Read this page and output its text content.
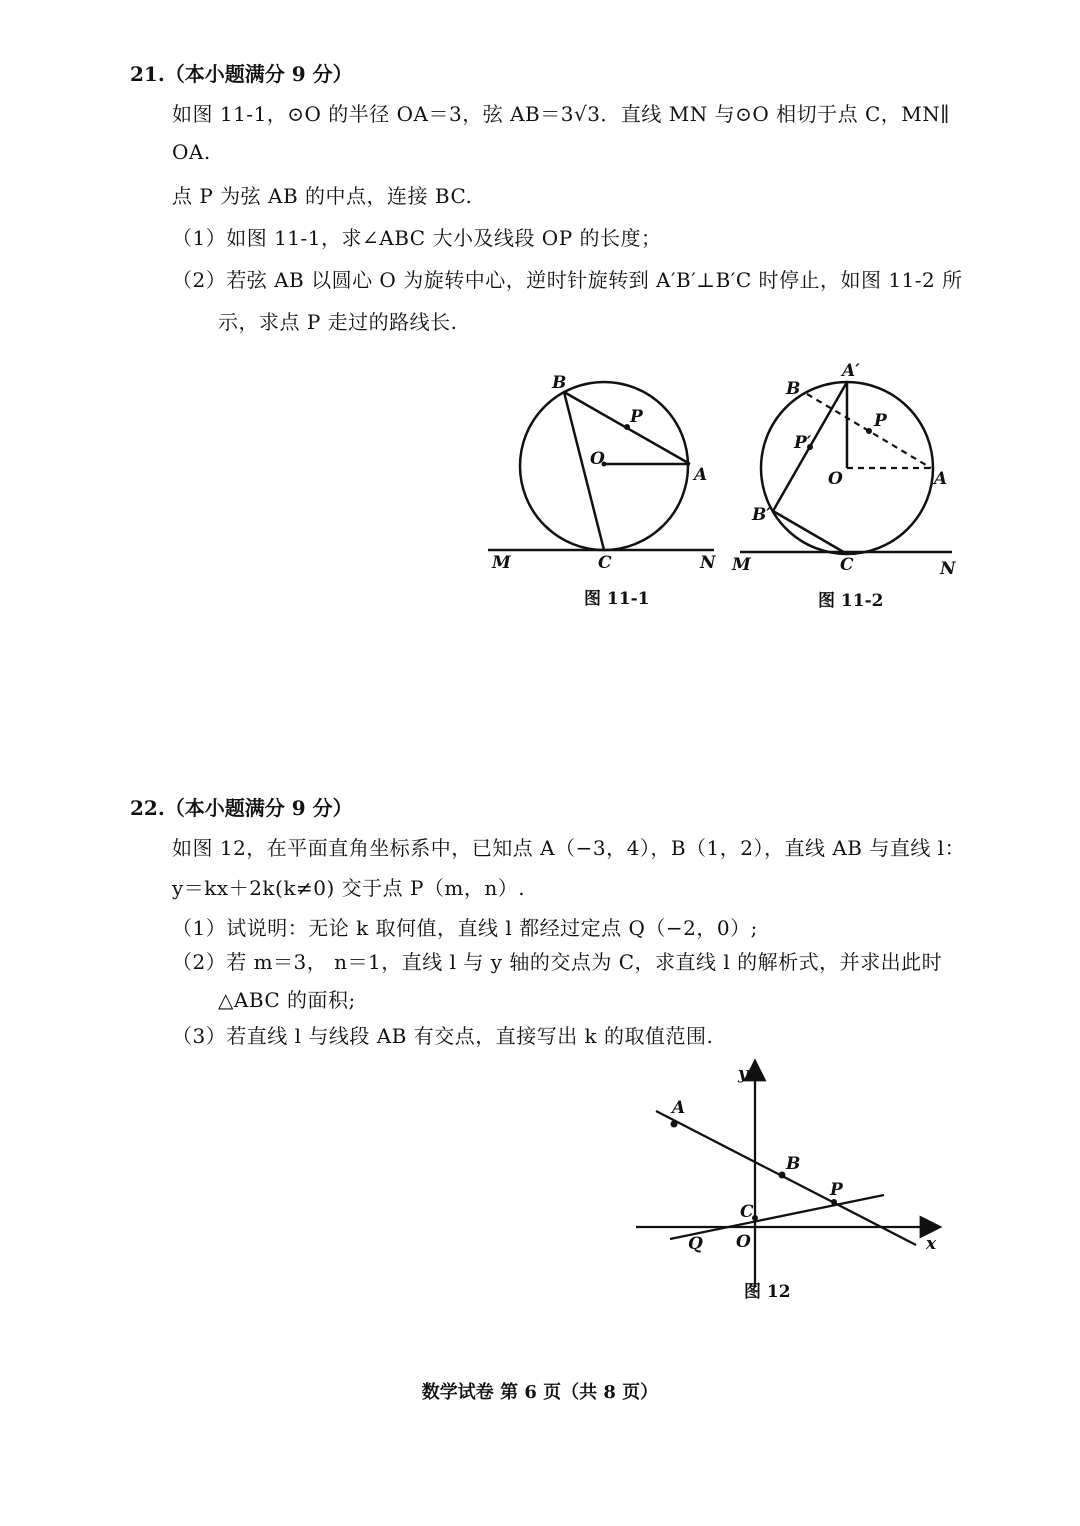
21.（本小题满分 9 分）
如图 11-1，⊙O 的半径 OA＝3，弦 AB＝3√3．直线 MN 与⊙O 相切于点 C，MN∥
OA.
点 P 为弦 AB 的中点，连接 BC.
（1）如图 11-1，求∠ABC 大小及线段 OP 的长度；
（2）若弦 AB 以圆心 O 为旋转中心，逆时针旋转到 A′B′⊥B′C 时停止，如图 11-2 所
示，求点 P 走过的路线长.
B
P
O
A
M	C	N
图 11-1
A′
B
P
P′
O	A
B′
M	C	N
图 11-2
22.（本小题满分 9 分）
如图 12，在平面直角坐标系中，已知点 A（−3，4），B（1，2），直线 AB 与直线 l：
y＝kx＋2k(k≠0) 交于点 P（m，n）.
（1）试说明：无论 k 取何值，直线 l 都经过定点 Q（−2，0）;
（2）若 m＝3， n＝1，直线 l 与 y 轴的交点为 C，求直线 l 的解析式，并求出此时
△ABC 的面积;
（3）若直线 l 与线段 AB 有交点，直接写出 k 的取值范围.
y
x
A
B
P
C
Q O
图 12
数学试卷 第 6 页（共 8 页）
